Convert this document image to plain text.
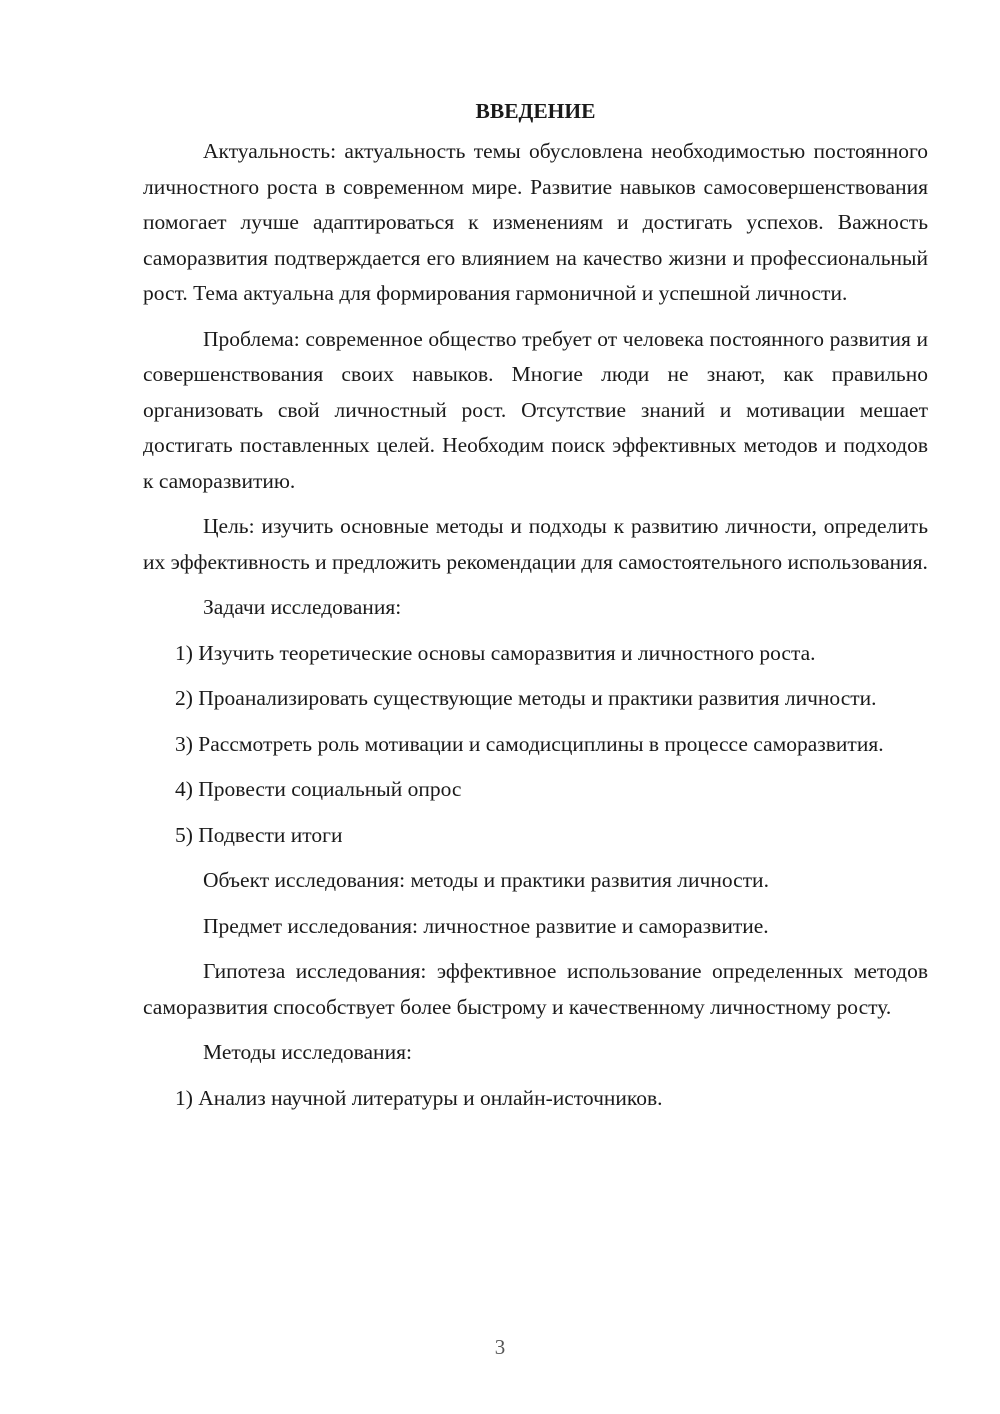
ВВЕДЕНИЕ

Актуальность: актуальность темы обусловлена необходимостью постоянного личностного роста в современном мире. Развитие навыков самосовершенствования помогает лучше адаптироваться к изменениям и достигать успехов. Важность саморазвития подтверждается его влиянием на качество жизни и профессиональный рост. Тема актуальна для формирования гармоничной и успешной личности.

Проблема: современное общество требует от человека постоянного развития и совершенствования своих навыков. Многие люди не знают, как правильно организовать свой личностный рост. Отсутствие знаний и мотивации мешает достигать поставленных целей. Необходим поиск эффективных методов и подходов к саморазвитию.

Цель: изучить основные методы и подходы к развитию личности, определить их эффективность и предложить рекомендации для самостоятельного использования.

Задачи исследования:

1) Изучить теоретические основы саморазвития и личностного роста.

2) Проанализировать существующие методы и практики развития личности.

3) Рассмотреть роль мотивации и самодисциплины в процессе саморазвития.

4) Провести социальный опрос

5) Подвести итоги

Объект исследования: методы и практики развития личности.

Предмет исследования: личностное развитие и саморазвитие.

Гипотеза исследования: эффективное использование определенных методов саморазвития способствует более быстрому и качественному личностному росту.

Методы исследования:

1) Анализ научной литературы и онлайн-источников.

3
